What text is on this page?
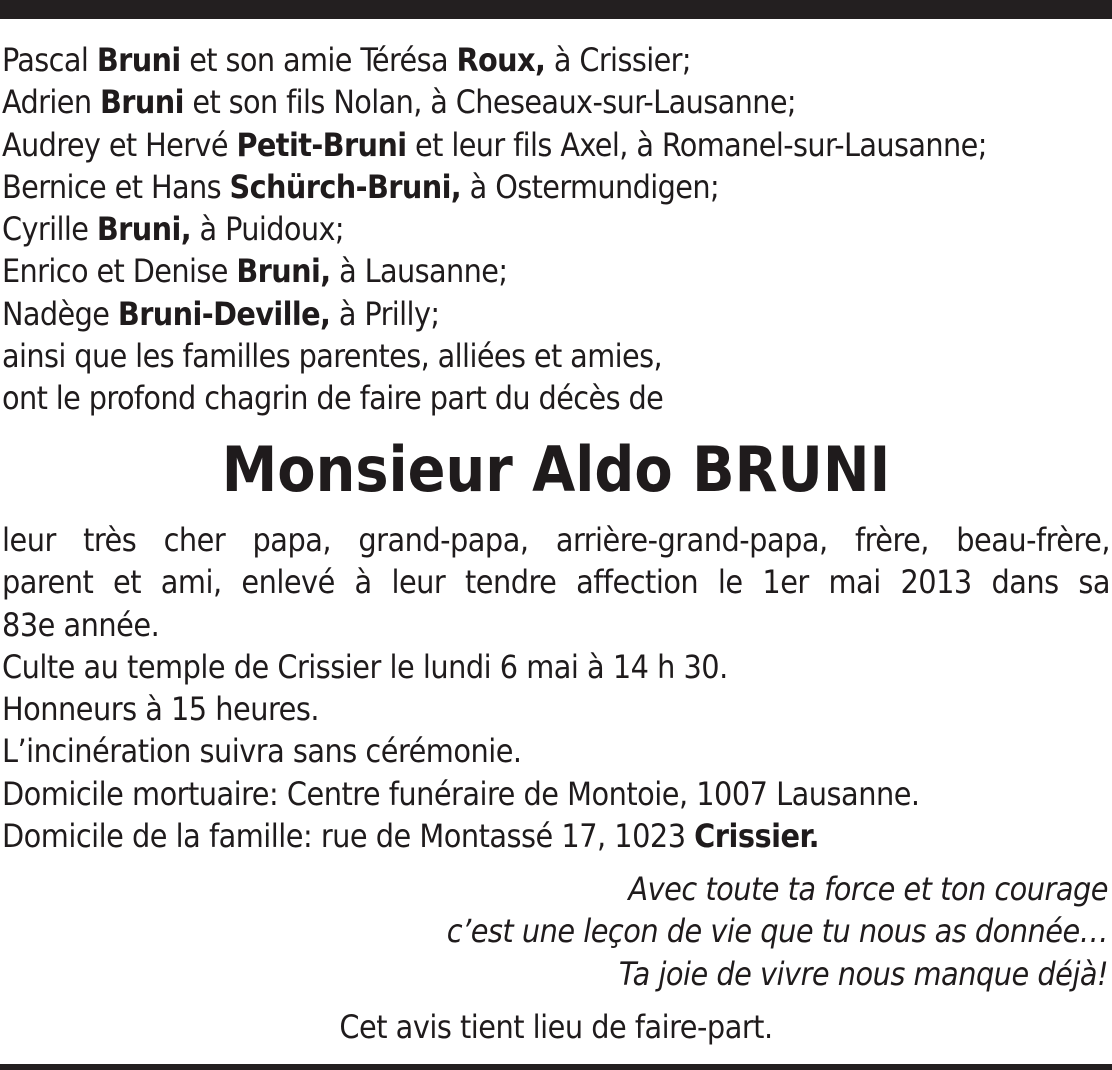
Pascal Bruni et son amie Térésa Roux, à Crissier;
Adrien Bruni et son fils Nolan, à Cheseaux-sur-Lausanne;
Audrey et Hervé Petit-Bruni et leur fils Axel, à Romanel-sur-Lausanne;
Bernice et Hans Schürch-Bruni, à Ostermundigen;
Cyrille Bruni, à Puidoux;
Enrico et Denise Bruni, à Lausanne;
Nadège Bruni-Deville, à Prilly;
ainsi que les familles parentes, alliées et amies,
ont le profond chagrin de faire part du décès de
Monsieur Aldo BRUNI
leur très cher papa, grand-papa, arrière-grand-papa, frère, beau-frère,
parent et ami, enlevé à leur tendre affection le 1er mai 2013 dans sa
83e année.
Culte au temple de Crissier le lundi 6 mai à 14 h 30.
Honneurs à 15 heures.
L’incinération suivra sans cérémonie.
Domicile mortuaire: Centre funéraire de Montoie, 1007 Lausanne.
Domicile de la famille: rue de Montassé 17, 1023 Crissier.
Avec toute ta force et ton courage
c’est une leçon de vie que tu nous as donnée…
Ta joie de vivre nous manque déjà!
Cet avis tient lieu de faire-part.
